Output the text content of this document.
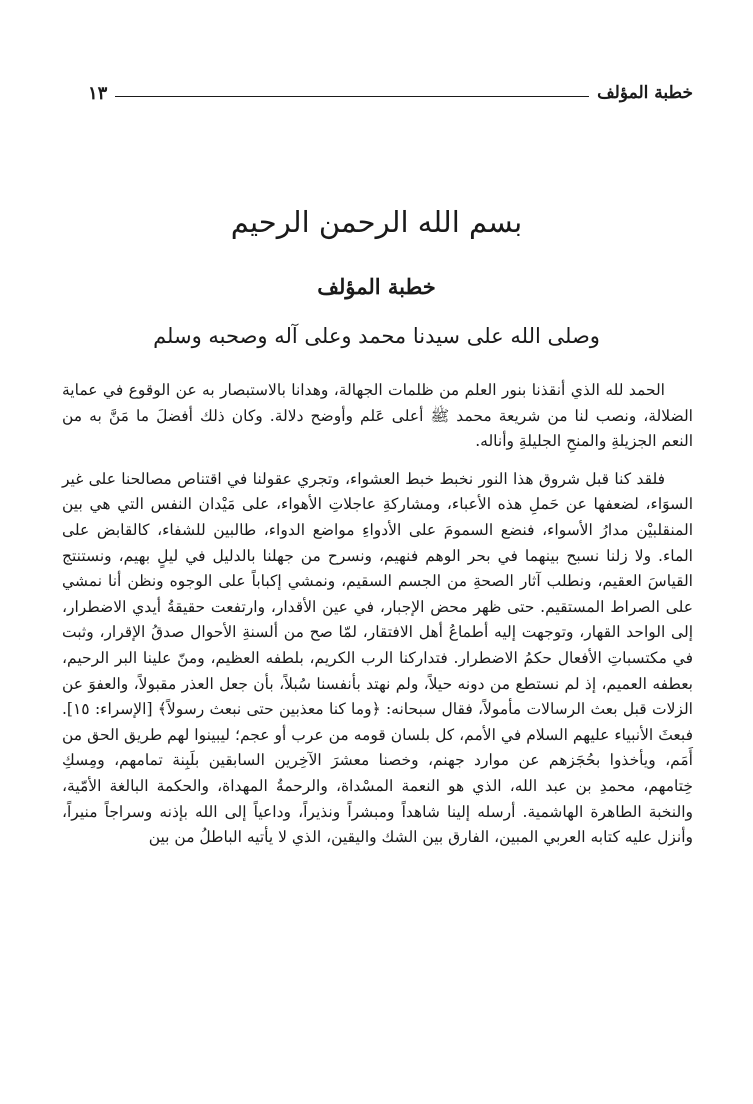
خطبة المؤلف
١٣
بسم الله الرحمن الرحيم
خطبة المؤلف
وصلى الله على سيدنا محمد وعلى آله وصحبه وسلم

الحمد لله الذي أنقذنا بنور العلم من ظلمات الجهالة، وهدانا بالاستبصار به عن الوقوع في عماية الضلالة، ونصب لنا من شريعة محمد ﷺ أعلى عَلم وأوضح دلالة. وكان ذلك أفضلَ ما مَنَّ به من النعم الجزيلةِ والمنحِ الجليلةِ وأناله.

فلقد كنا قبل شروق هذا النور نخبط خبط العشواء، وتجري عقولنا في اقتناص مصالحنا على غير السوَاء، لضعفها عن حَملِ هذه الأعباء، ومشاركةِ عاجلاتِ الأهواء، على مَيْدان النفس التي هي بين المنقلبيْن مدارُ الأسواء، فنضع السمومَ على الأدواءِ مواضع الدواء، طالبين للشفاء، كالقابض على الماء. ولا زلنا نسبح بينهما في بحر الوهم فنهيم، ونسرح من جهلنا بالدليل في ليلٍ بهيم، ونستنتج القياسَ العقيم، ونطلب آثار الصحةِ من الجسم السقيم، ونمشي إكباباً على الوجوه ونظن أنا نمشي على الصراط المستقيم. حتى ظهر محض الإجبار، في عين الأقدار، وارتفعت حقيقةُ أيدي الاضطرار، إلى الواحد القهار، وتوجهت إليه أطماعُ أهل الافتقار، لمّا صح من ألسنةِ الأحوال صدقُ الإقرار، وثبت في مكتسباتِ الأفعال حكمُ الاضطرار. فتداركنا الرب الكريم، بلطفه العظيم، ومنّ علينا البر الرحيم، بعطفه العميم، إذ لم نستطع من دونه حيلاً، ولم نهتد بأنفسنا سُبلاً، بأن جعل العذر مقبولاً، والعفوَ عن الزلات قبل بعث الرسالات مأمولاً، فقال سبحانه: ﴿وما كنا معذبين حتى نبعث رسولاً﴾ [الإسراء: ١٥]. فبعثَ الأنبياء عليهم السلام في الأمم، كل بلسان قومه من عرب أو عجم؛ ليبينوا لهم طريق الحق من أَمَم، ويأخذوا بحُجَزهم عن موارد جهنم، وخصنا معشرَ الآخِرين السابقين بلَبِنة تمامهم، ومِسكِ خِتامهم، محمدِ بن عبد الله، الذي هو النعمة المسْداة، والرحمةُ المهداة، والحكمة البالغة الأمّية، والنخبة الطاهرة الهاشمية. أرسله إلينا شاهداً ومبشراً ونذيراً، وداعياً إلى الله بإذنه وسراجاً منيراً، وأنزل عليه كتابه العربي المبين، الفارق بين الشك واليقين، الذي لا يأتيه الباطلُ من بين
